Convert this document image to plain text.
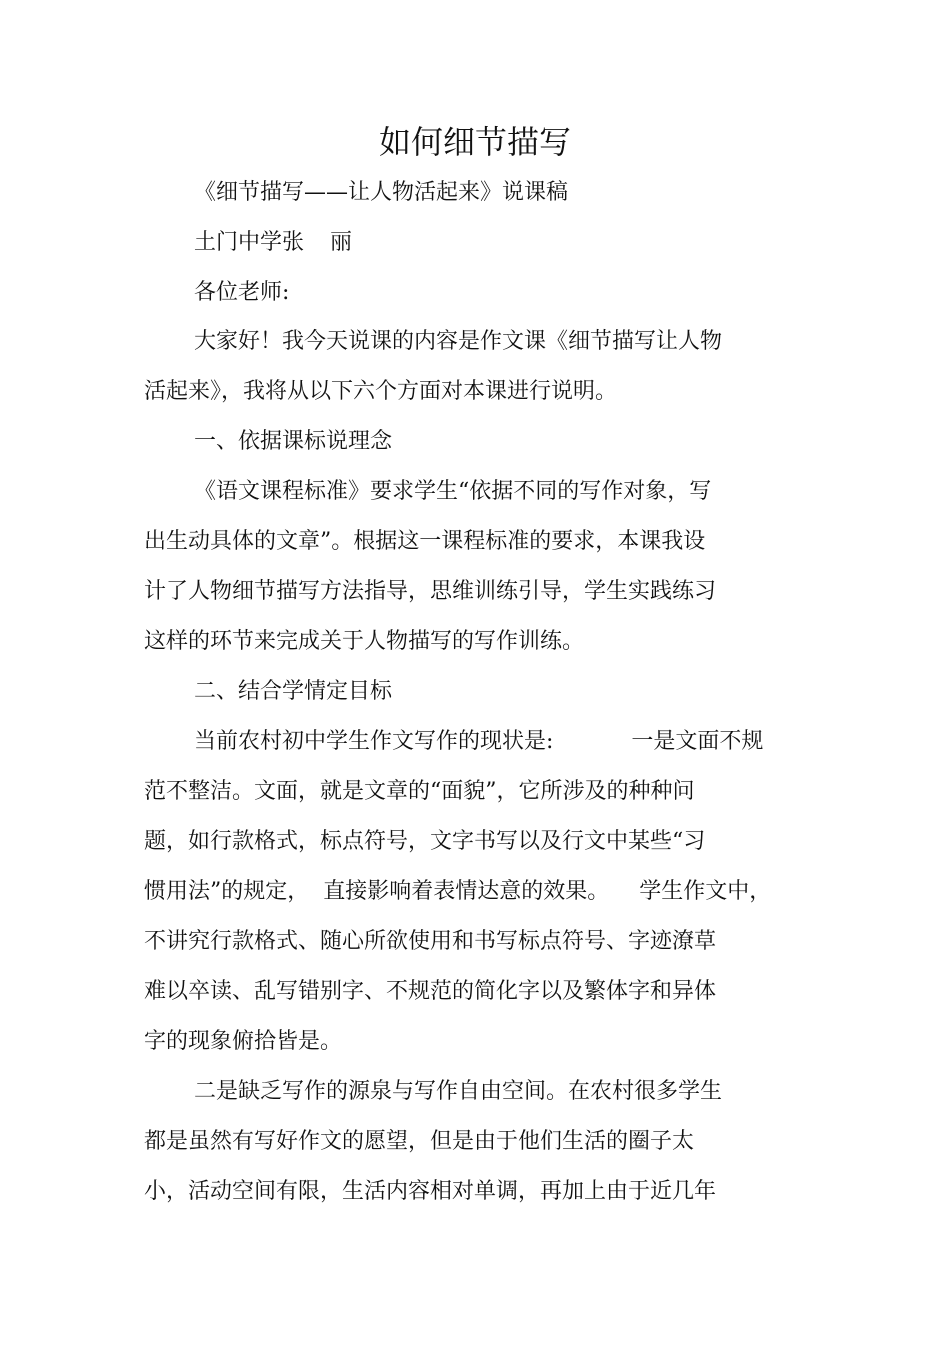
如何细节描写

《细节描写——让人物活起来》说课稿

土门中学张 丽

各位老师:

大家好！我今天说课的内容是作文课《细节描写让人物

活起来》，我将从以下六个方面对本课进行说明。

一、依据课标说理念

《语文课程标准》要求学生“依据不同的写作对象，写

出生动具体的文章”。根据这一课程标准的要求，本课我设

计了人物细节描写方法指导，思维训练引导，学生实践练习

这样的环节来完成关于人物描写的写作训练。

二、结合学情定目标

当前农村初中学生作文写作的现状是:	一是文面不规

范不整洁。文面，就是文章的“面貌”，它所涉及的种种问

题，如行款格式，标点符号，文字书写以及行文中某些“习

惯用法”的规定， 直接影响着表情达意的效果。 学生作文中，

不讲究行款格式、随心所欲使用和书写标点符号、字迹潦草

难以卒读、乱写错别字、不规范的简化字以及繁体字和异体

字的现象俯拾皆是。

二是缺乏写作的源泉与写作自由空间。在农村很多学生

都是虽然有写好作文的愿望，但是由于他们生活的圈子太

小，活动空间有限，生活内容相对单调，再加上由于近几年
